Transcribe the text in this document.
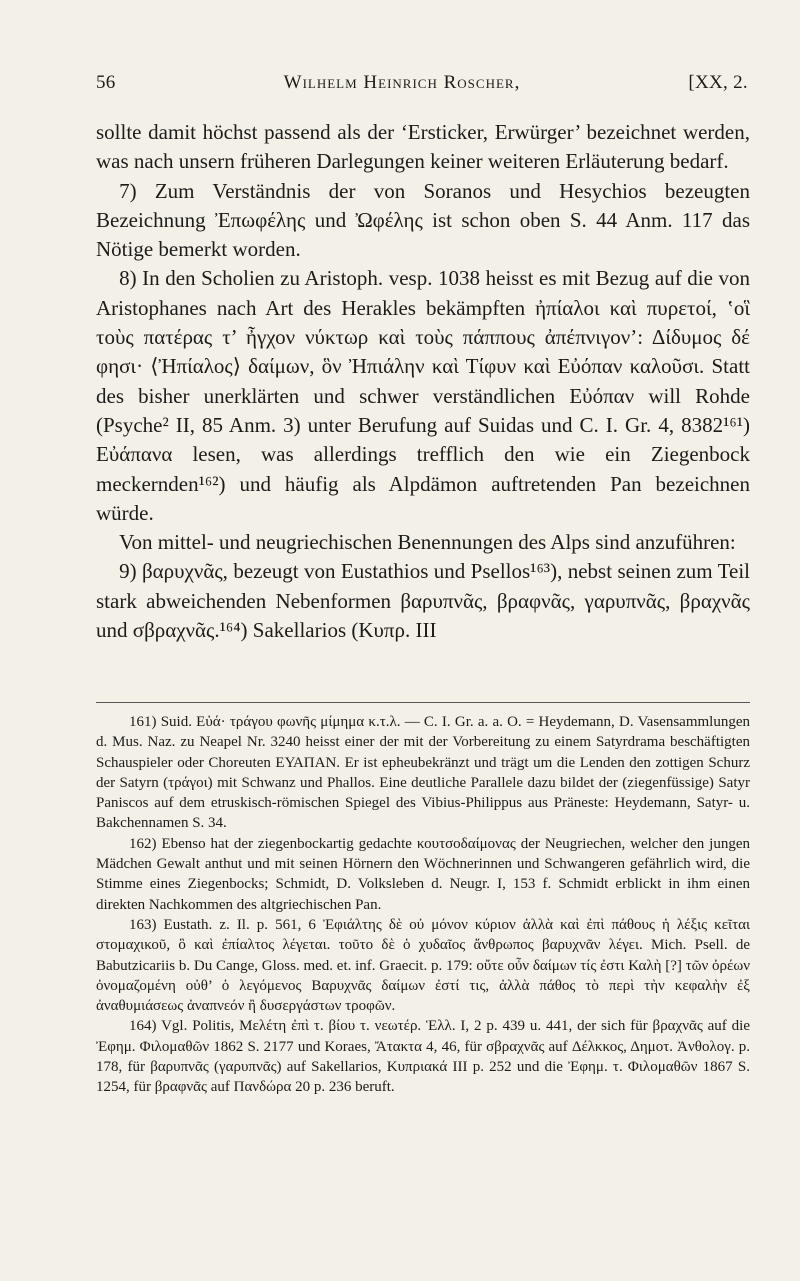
56	Wilhelm Heinrich Roscher,	[XX, 2.

sollte damit höchst passend als der ‘Ersticker, Erwürger’ bezeichnet werden, was nach unsern früheren Darlegungen keiner weiteren Erläuterung bedarf.

7) Zum Verständnis der von Soranos und Hesychios bezeugten Bezeichnung Ἐπωφέλης und Ὠφέλης ist schon oben S. 44 Anm. 117 das Nötige bemerkt worden.

8) In den Scholien zu Aristoph. vesp. 1038 heisst es mit Bezug auf die von Aristophanes nach Art des Herakles bekämpften ἠπίαλοι καὶ πυρετοί, ‛οἳ τοὺς πατέρας τ’ ἦγχον νύκτωρ καὶ τοὺς πάππους ἀπέπνιγον’: Δίδυμος δέ φησι· ⟨Ἠπίαλος⟩ δαίμων, ὃν Ἠπιάλην καὶ Τίφυν καὶ Εὐόπαν καλοῦσι. Statt des bisher unerklärten und schwer verständlichen Εὐόπαν will Rohde (Psyche² II, 85 Anm. 3) unter Berufung auf Suidas und C. I. Gr. 4, 8382¹⁶¹) Εὐάπανα lesen, was allerdings trefflich den wie ein Ziegenbock meckernden¹⁶²) und häufig als Alpdämon auftretenden Pan bezeichnen würde.

Von mittel- und neugriechischen Benennungen des Alps sind anzuführen:

9) βαρυχνᾶς, bezeugt von Eustathios und Psellos¹⁶³), nebst seinen zum Teil stark abweichenden Nebenformen βαρυπνᾶς, βραφνᾶς, γαρυπνᾶς, βραχνᾶς und σβραχνᾶς.¹⁶⁴) Sakellarios (Κυπρ. III

161) Suid. Εὐά· τράγου φωνῆς μίμημα κ.τ.λ. — C. I. Gr. a. a. O. = Heydemann, D. Vasensammlungen d. Mus. Naz. zu Neapel Nr. 3240 heisst einer der mit der Vorbereitung zu einem Satyrdrama beschäftigten Schauspieler oder Choreuten ΕΥΑΠΑΝ. Er ist epheubekränzt und trägt um die Lenden den zottigen Schurz der Satyrn (τράγοι) mit Schwanz und Phallos. Eine deutliche Parallele dazu bildet der (ziegenfüssige) Satyr Paniscos auf dem etruskisch-römischen Spiegel des Vibius-Philippus aus Präneste: Heydemann, Satyr- u. Bakchennamen S. 34.

162) Ebenso hat der ziegenbockartig gedachte κουτσοδαίμονας der Neugriechen, welcher den jungen Mädchen Gewalt anthut und mit seinen Hörnern den Wöchnerinnen und Schwangeren gefährlich wird, die Stimme eines Ziegenbocks; Schmidt, D. Volksleben d. Neugr. I, 153 f. Schmidt erblickt in ihm einen direkten Nachkommen des altgriechischen Pan.

163) Eustath. z. Il. p. 561, 6 Ἐφιάλτης δὲ οὐ μόνον κύριον ἀλλὰ καὶ ἐπὶ πάθους ἡ λέξις κεῖται στομαχικοῦ, ὃ καὶ ἐπίαλτος λέγεται. τοῦτο δὲ ὁ χυδαῖος ἄνθρωπος βαρυχνᾶν λέγει. Mich. Psell. de Babutzicariis b. Du Cange, Gloss. med. et. inf. Graecit. p. 179: οὔτε οὖν δαίμων τίς ἐστι Καλὴ [?] τῶν ὀρέων ὀνομαζομένη οὐθ’ ὁ λεγόμενος Βαρυχνᾶς δαίμων ἐστί τις, ἀλλὰ πάθος τὸ περὶ τὴν κεφαλὴν ἐξ ἀναθυμιάσεως ἀναπνεόν ἢ δυσεργάστων τροφῶν.

164) Vgl. Politis, Μελέτη ἐπὶ τ. βίου τ. νεωτέρ. Ἑλλ. I, 2 p. 439 u. 441, der sich für βραχνᾶς auf die Ἐφημ. Φιλομαθῶν 1862 S. 2177 und Koraes, Ἄτακτα 4, 46, für σβραχνᾶς auf Δέλκκος, Δημοτ. Ἀνθολογ. p. 178, für βαρυπνᾶς (γαρυπνᾶς) auf Sakellarios, Κυπριακά III p. 252 und die Ἐφημ. τ. Φιλομαθῶν 1867 S. 1254, für βραφνᾶς auf Πανδώρα 20 p. 236 beruft.
